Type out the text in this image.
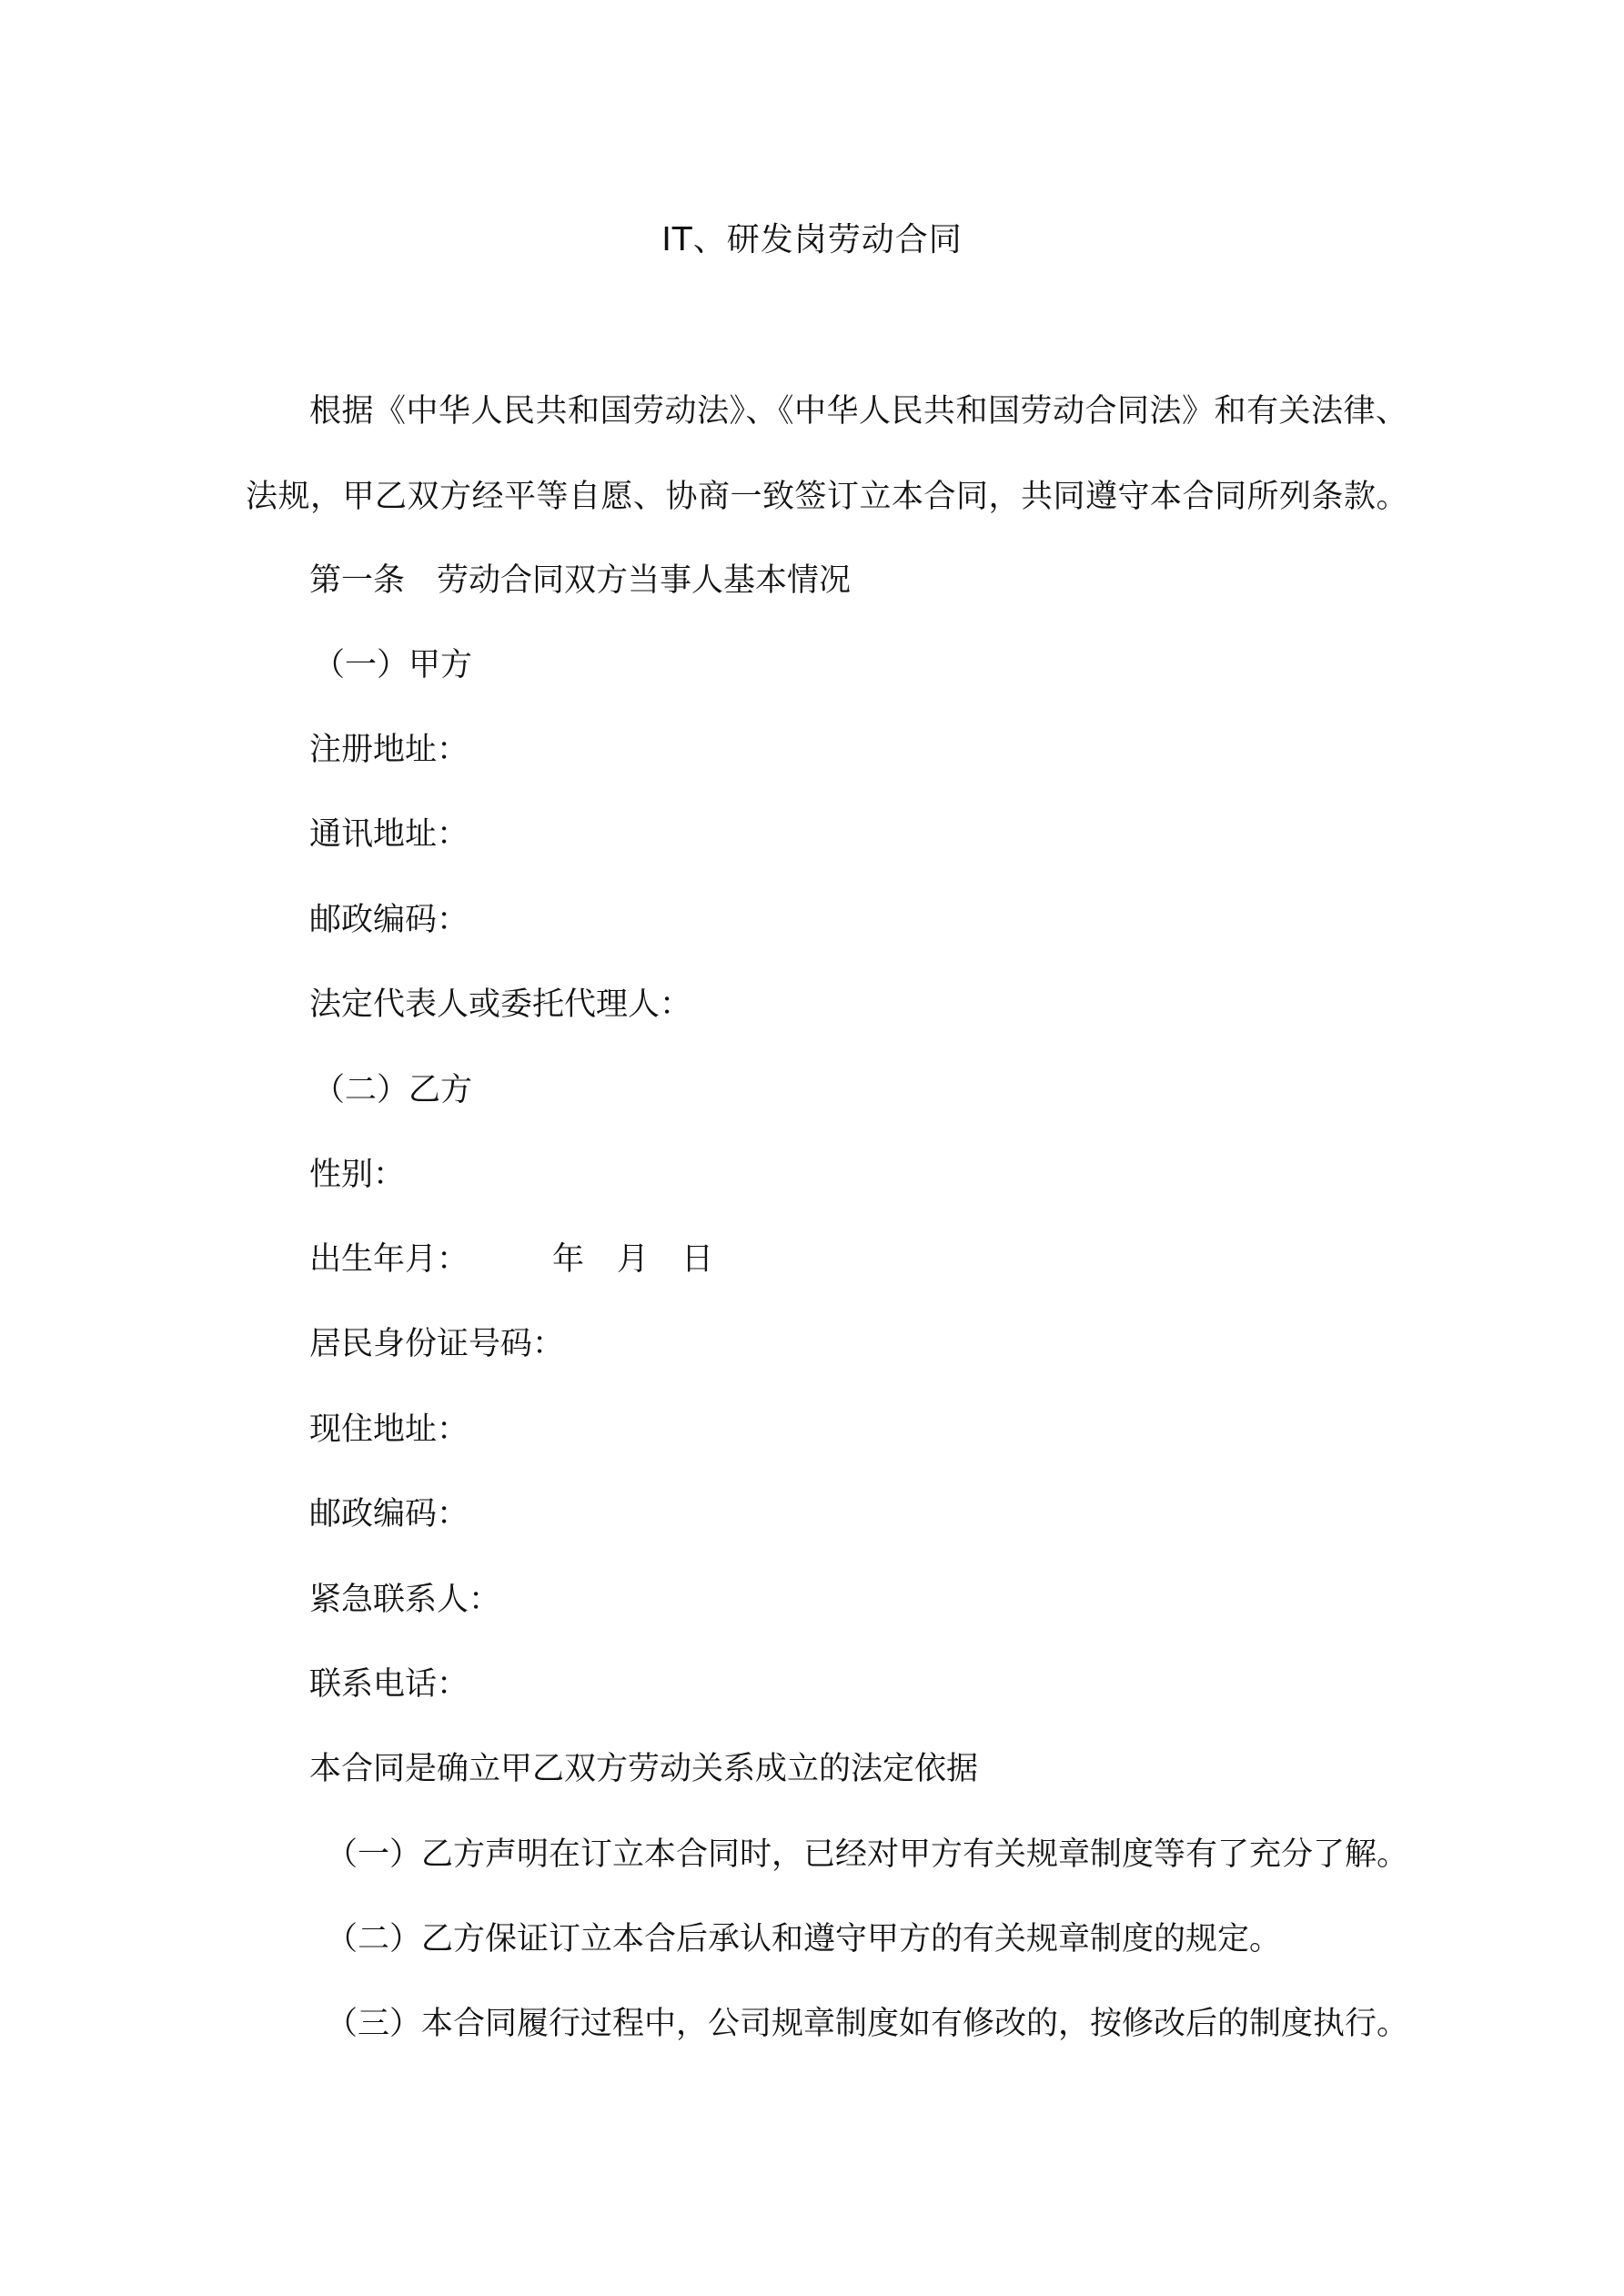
IT、研发岗劳动合同
根据《中华人民共和国劳动法》、《中华人民共和国劳动合同法》和有关法律、
法规，甲乙双方经平等自愿、协商一致签订立本合同，共同遵守本合同所列条款。
第一条　劳动合同双方当事人基本情况
（一）甲方
注册地址：
通讯地址：
邮政编码：
法定代表人或委托代理人：
（二）乙方
性别：
出生年月：	年 月 日
居民身份证号码：
现住地址：
邮政编码：
紧急联系人：
联系电话：
本合同是确立甲乙双方劳动关系成立的法定依据
（一）乙方声明在订立本合同时，已经对甲方有关规章制度等有了充分了解。
（二）乙方保证订立本合后承认和遵守甲方的有关规章制度的规定。
（三）本合同履行过程中，公司规章制度如有修改的，按修改后的制度执行。
